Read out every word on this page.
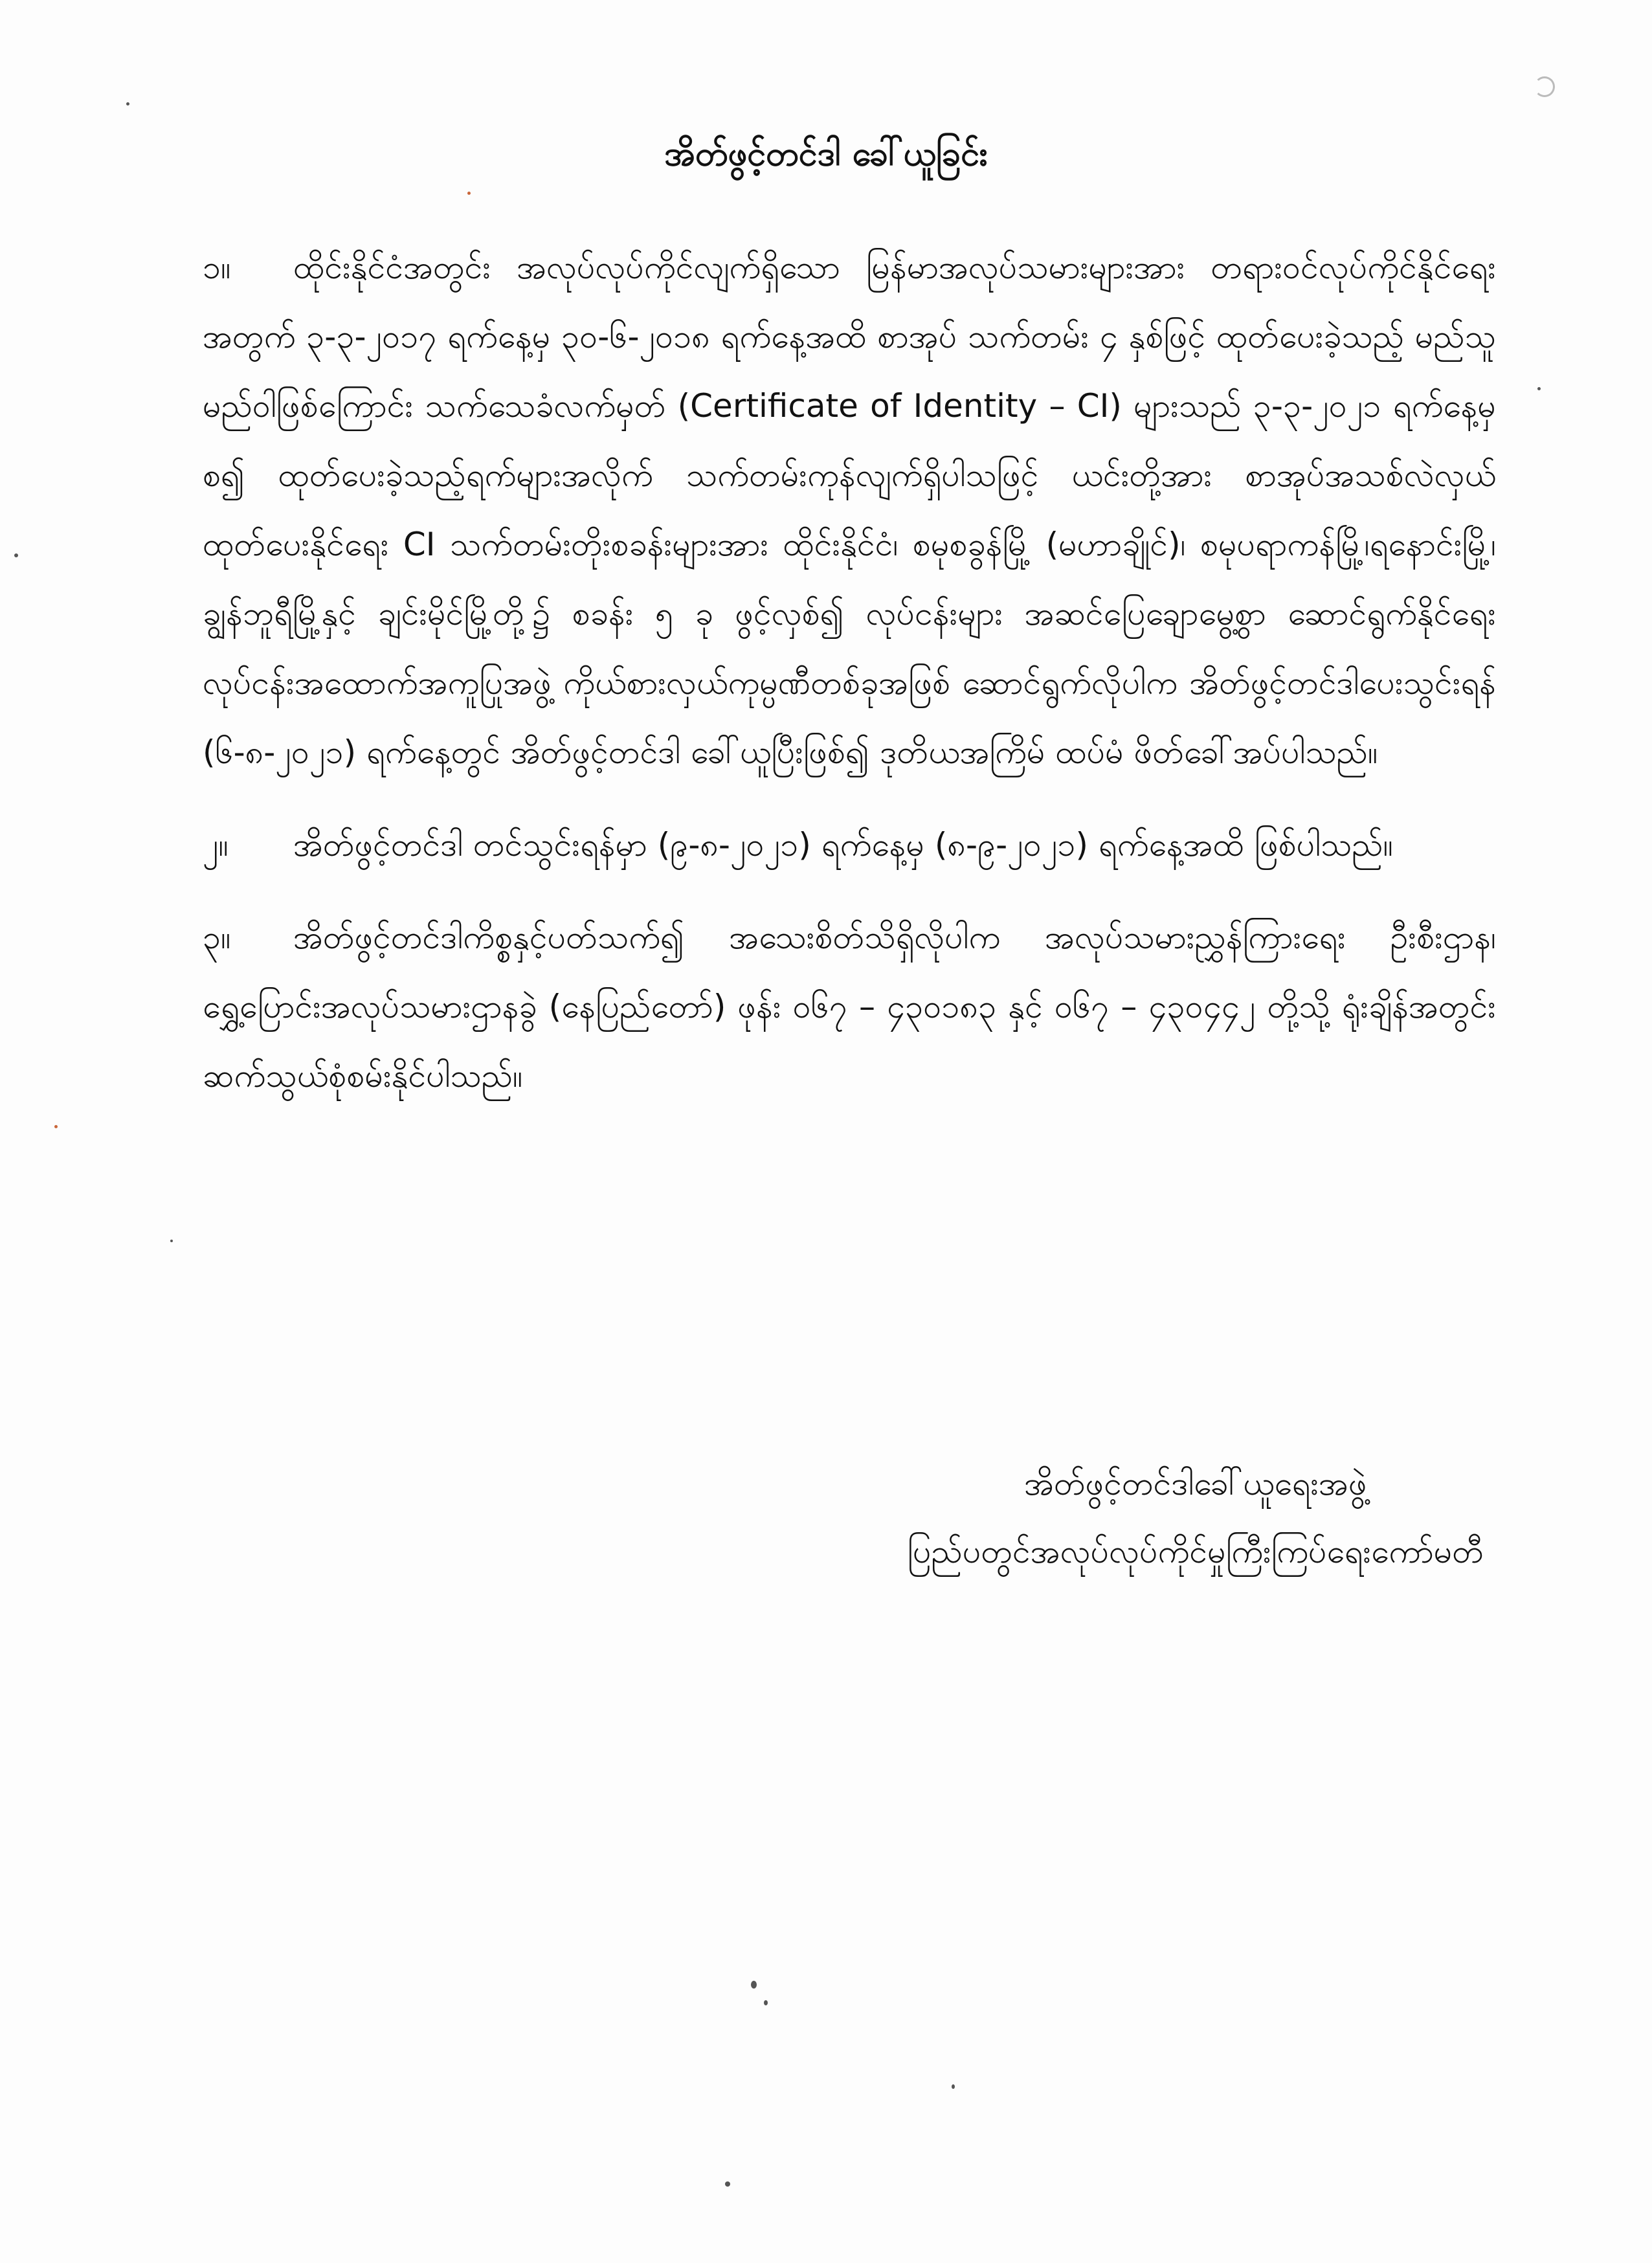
အိတ်ဖွင့်တင်ဒါ ခေါ်ယူခြင်း

၁။ ထိုင်းနိုင်ငံအတွင်း အလုပ်လုပ်ကိုင်လျက်ရှိသော မြန်မာအလုပ်သမားများအား တရားဝင်လုပ်ကိုင်နိုင်ရေးအတွက် ၃-၃-၂၀၁၇ ရက်နေ့မှ ၃၀-၆-၂၀၁၈ ရက်နေ့အထိ စာအုပ် သက်တမ်း ၄ နှစ်ဖြင့် ထုတ်ပေးခဲ့သည့် မည်သူမည်ဝါဖြစ်ကြောင်း သက်သေခံလက်မှတ် (Certificate of Identity – CI) များသည် ၃-၃-၂၀၂၁ ရက်နေ့မှစ၍ ထုတ်ပေးခဲ့သည့်ရက်များအလိုက် သက်တမ်းကုန်လျက်ရှိပါသဖြင့် ယင်းတို့အား စာအုပ်အသစ်လဲလှယ်ထုတ်ပေးနိုင်ရေး CI သက်တမ်းတိုးစခန်းများအား ထိုင်းနိုင်ငံ၊ စမုစခွန်မြို့ (မဟာချိုင်)၊ စမုပရာကန်မြို့၊ရနောင်းမြို့၊ ချွန်ဘူရီမြို့နှင့် ချင်းမိုင်မြို့တို့၌ စခန်း ၅ ခု ဖွင့်လှစ်၍ လုပ်ငန်းများ အဆင်ပြေချောမွေ့စွာ ဆောင်ရွက်နိုင်ရေး လုပ်ငန်းအထောက်အကူပြုအဖွဲ့ ကိုယ်စားလှယ်ကုမ္ပဏီတစ်ခုအဖြစ် ဆောင်ရွက်လိုပါက အိတ်ဖွင့်တင်ဒါပေးသွင်းရန် (၆-၈-၂၀၂၁) ရက်နေ့တွင် အိတ်ဖွင့်တင်ဒါ ခေါ်ယူပြီးဖြစ်၍ ဒုတိယအကြိမ် ထပ်မံ ဖိတ်ခေါ်အပ်ပါသည်။

၂။ အိတ်ဖွင့်တင်ဒါ တင်သွင်းရန်မှာ (၉-၈-၂၀၂၁) ရက်နေ့မှ (၈-၉-၂၀၂၁) ရက်နေ့အထိ ဖြစ်ပါသည်။

၃။ အိတ်ဖွင့်တင်ဒါကိစ္စနှင့်ပတ်သက်၍ အသေးစိတ်သိရှိလိုပါက အလုပ်သမားညွှန်ကြားရေး ဦးစီးဌာန၊ ရွှေ့ပြောင်းအလုပ်သမားဌာနခွဲ (နေပြည်တော်) ဖုန်း ၀၆၇ – ၄၃၀၁၈၃ နှင့် ၀၆၇ – ၄၃၀၄၄၂ တို့သို့ ရုံးချိန်အတွင်း ဆက်သွယ်စုံစမ်းနိုင်ပါသည်။

အိတ်ဖွင့်တင်ဒါခေါ်ယူရေးအဖွဲ့
ပြည်ပတွင်အလုပ်လုပ်ကိုင်မှုကြီးကြပ်ရေးကော်မတီ
